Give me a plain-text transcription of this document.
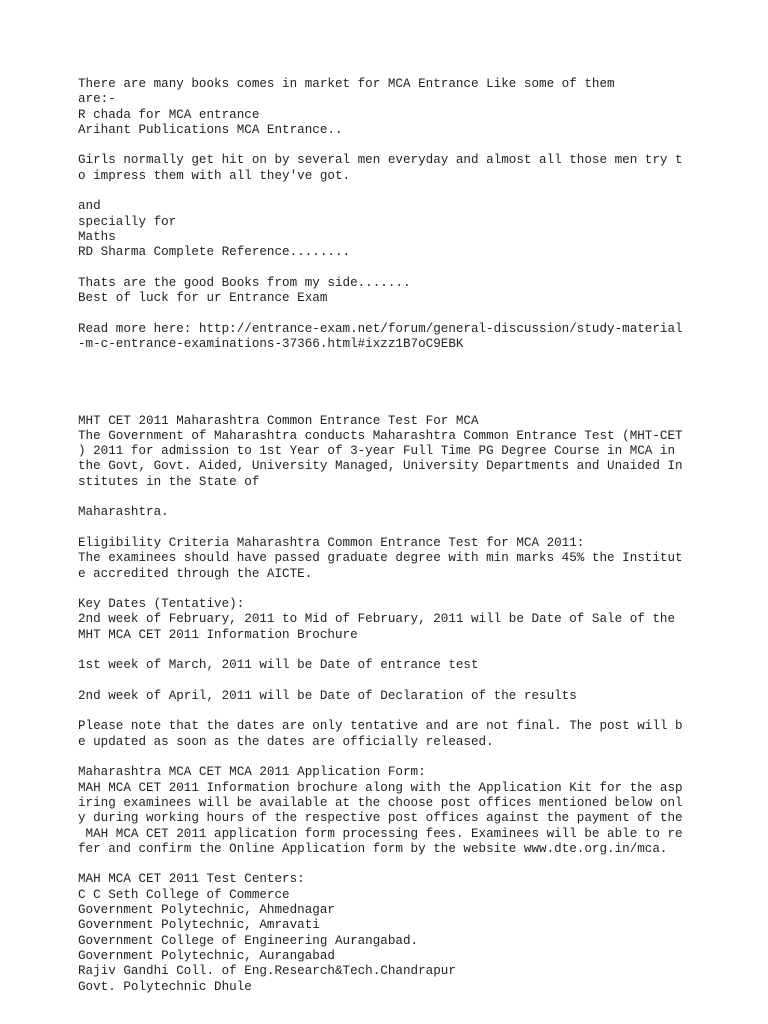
There are many books comes in market for MCA Entrance Like some of them
are:-
R chada for MCA entrance
Arihant Publications MCA Entrance..
Girls normally get hit on by several men everyday and almost all those men try t
o impress them with all they've got.
and
specially for
Maths
RD Sharma Complete Reference........
Thats are the good Books from my side.......
Best of luck for ur Entrance Exam
Read more here: http://entrance-exam.net/forum/general-discussion/study-material
-m-c-entrance-examinations-37366.html#ixzz1B7oC9EBK
MHT CET 2011 Maharashtra Common Entrance Test For MCA
The Government of Maharashtra conducts Maharashtra Common Entrance Test (MHT-CET
) 2011 for admission to 1st Year of 3-year Full Time PG Degree Course in MCA in
the Govt, Govt. Aided, University Managed, University Departments and Unaided In
stitutes in the State of
Maharashtra.
Eligibility Criteria Maharashtra Common Entrance Test for MCA 2011:
The examinees should have passed graduate degree with min marks 45% the Institut
e accredited through the AICTE.
Key Dates (Tentative):
2nd week of February, 2011 to Mid of February, 2011 will be Date of Sale of the
MHT MCA CET 2011 Information Brochure
1st week of March, 2011 will be Date of entrance test
2nd week of April, 2011 will be Date of Declaration of the results
Please note that the dates are only tentative and are not final. The post will b
e updated as soon as the dates are officially released.
Maharashtra MCA CET MCA 2011 Application Form:
MAH MCA CET 2011 Information brochure along with the Application Kit for the asp
iring examinees will be available at the choose post offices mentioned below onl
y during working hours of the respective post offices against the payment of the
MAH MCA CET 2011 application form processing fees. Examinees will be able to re
fer and confirm the Online Application form by the website www.dte.org.in/mca.
MAH MCA CET 2011 Test Centers:
C C Seth College of Commerce
Government Polytechnic, Ahmednagar
Government Polytechnic, Amravati
Government College of Engineering Aurangabad.
Government Polytechnic, Aurangabad
Rajiv Gandhi Coll. of Eng.Research&Tech.Chandrapur
Govt. Polytechnic Dhule
